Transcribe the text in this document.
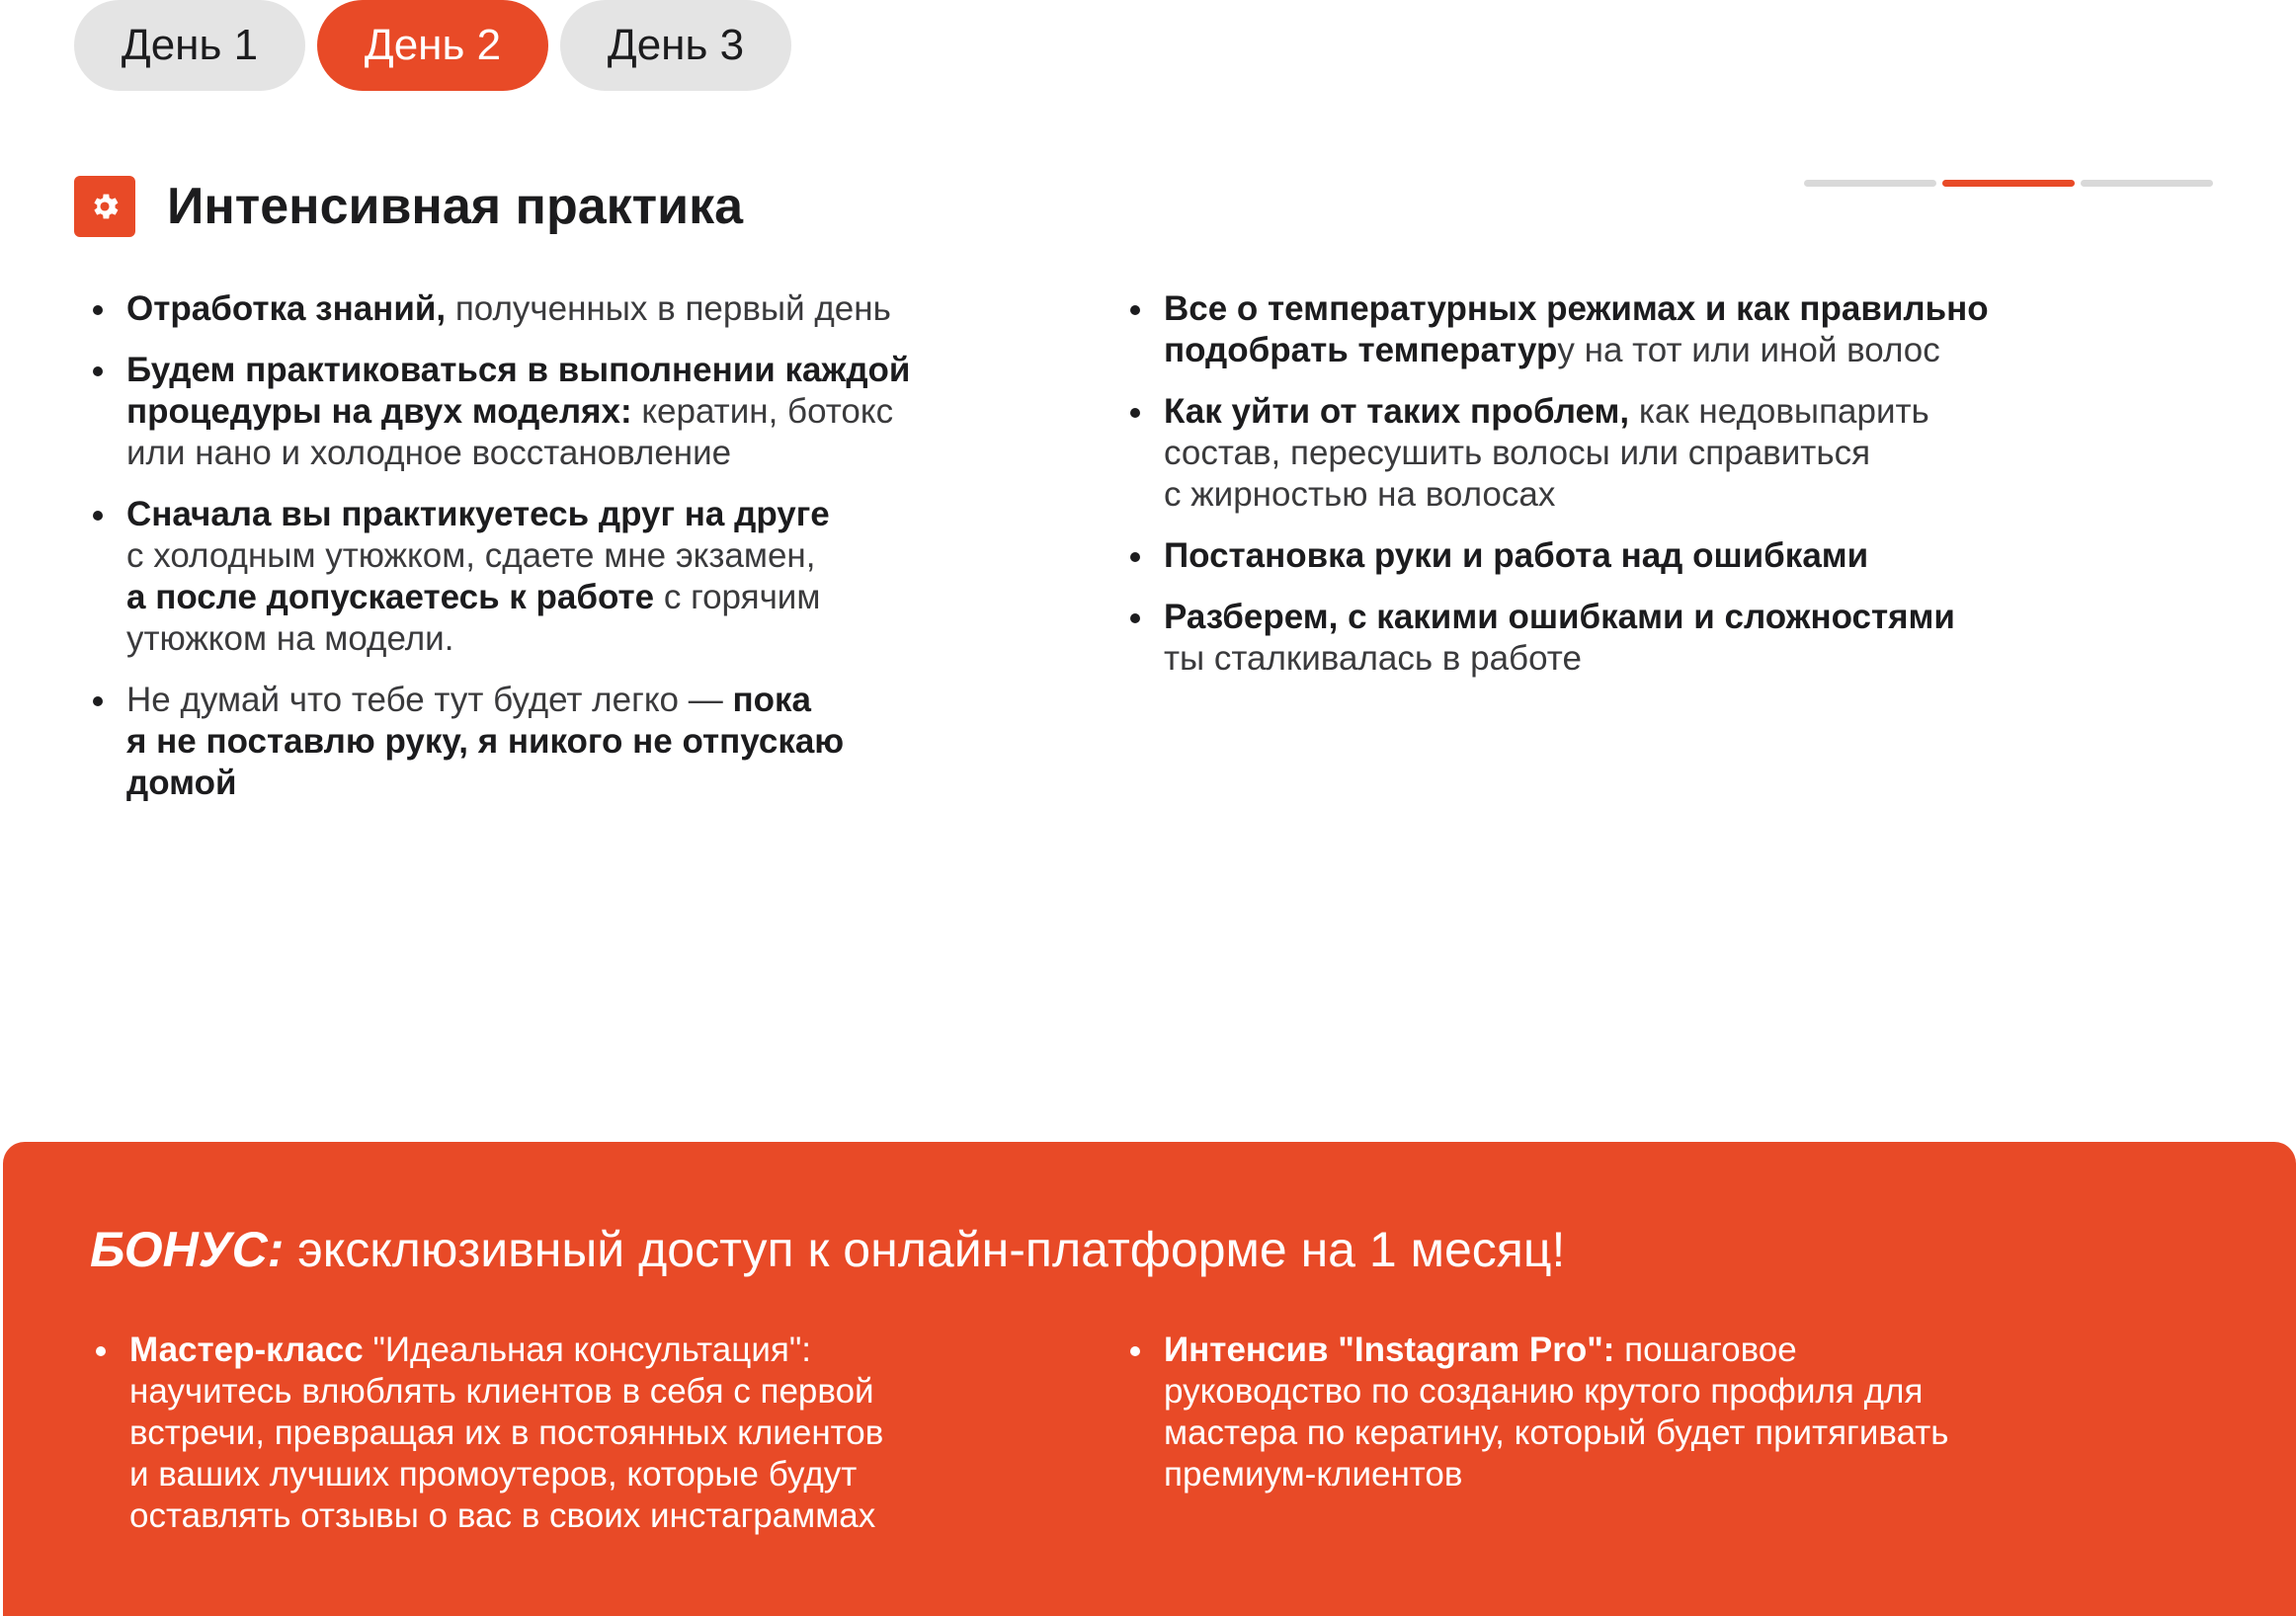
День 1	День 2	День 3
Интенсивная практика
Отработка знаний, полученных в первый день
Будем практиковаться в выполнении каждой
процедуры на двух моделях: кератин, ботокс
или нано и холодное восстановление
Сначала вы практикуетесь друг на друге
с холодным утюжком, сдаете мне экзамен,
а после допускаетесь к работе с горячим
утюжком на модели.
Не думай что тебе тут будет легко — пока
я не поставлю руку, я никого не отпускаю
домой
Все о температурных режимах и как правильно
подобрать температуру на тот или иной волос
Как уйти от таких проблем, как недовыпарить
состав, пересушить волосы или справиться
с жирностью на волосах
Постановка руки и работа над ошибками
Разберем, с какими ошибками и сложностями
ты сталкивалась в работе
БОНУС: эксклюзивный доступ к онлайн-платформе на 1 месяц!
Мастер-класс "Идеальная консультация":
научитесь влюблять клиентов в себя с первой
встречи, превращая их в постоянных клиентов
и ваших лучших промоутеров, которые будут
оставлять отзывы о вас в своих инстаграммах
Интенсив "Instagram Pro": пошаговое
руководство по созданию крутого профиля для
мастера по кератину, который будет притягивать
премиум-клиентов
